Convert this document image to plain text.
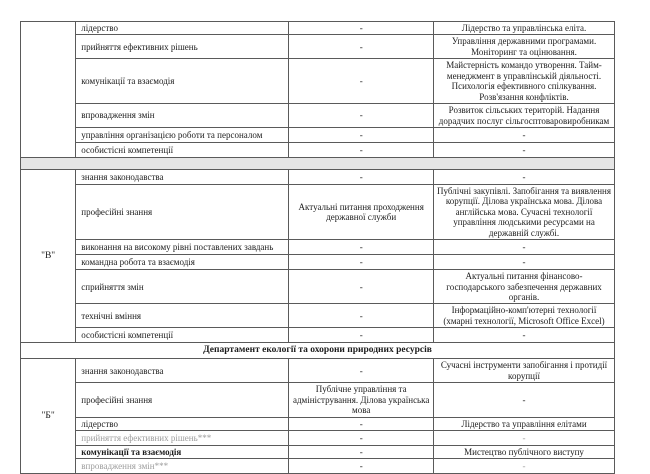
	лідерство	-	Лідерство та управлінська еліта.
	прийняття ефективних рішень	-	Управління державними програмами. Моніторинг та оцінювання.
	комунікації та взаємодія	-	Майстерність командо утворення. Тайм-менеджмент в управлінській діяльності. Психологія ефективного спілкування. Розв'язання конфліктів.
	впровадження змін	-	Розвиток сільських територій. Надання дорадчих послуг сільгосптоваровиробникам
	управління організацією роботи та персоналом	-	-
	особистісні компетенції	-	-

"В"	знання законодавства	-	-
	професійні знання	Актуальні питання проходження державної служби	Публічні закупівлі. Запобігання та виявлення корупції. Ділова українська мова. Ділова англійська мова. Сучасні технології управління людськими ресурсами на державній службі.
	виконання на високому рівні поставлених завдань	-	-
	командна робота та взаємодія	-	-
	сприйняття змін	-	Актуальні питання фінансово-господарського забезпечення державних органів.
	технічні вміння	-	Інформаційно-комп'ютерні технології (хмарні технології, Microsoft Office Excel)
	особистісні компетенції	-	-
Департамент екології та охорони природних ресурсів			
"Б"	знання законодавства	-	Сучасні інструменти запобігання і протидії корупції
	професійні знання	Публічне управління та адміністрування. Ділова українська мова	-
	лідерство	-	Лідерство та управління елітами
	прийняття ефективних рішень***	-	-
	комунікації та взаємодія	-	Мистецтво публічного виступу
	впровадження змін***	-	-
